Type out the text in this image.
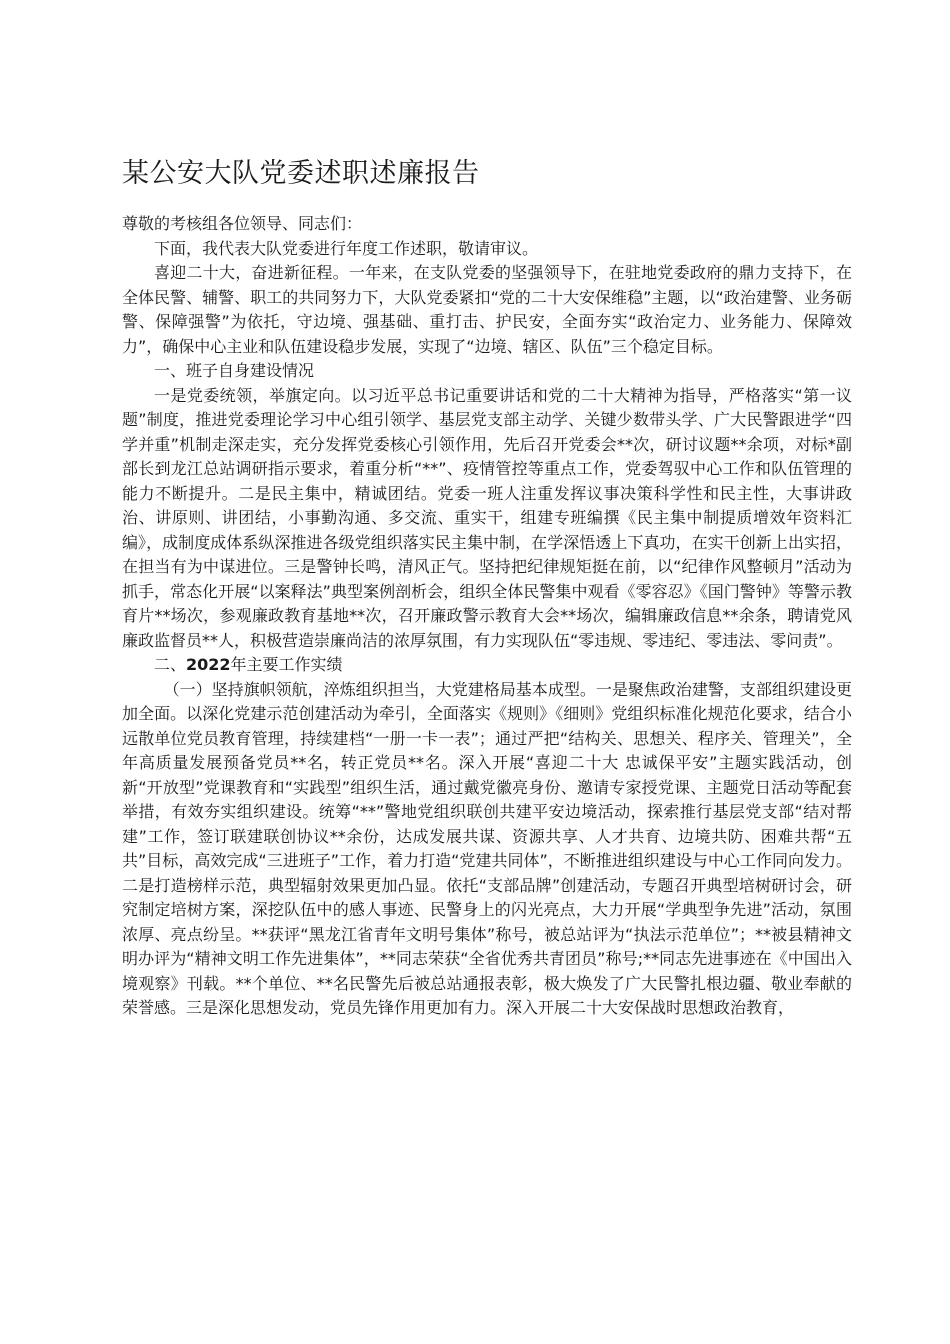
某公安大队党委述职述廉报告

尊敬的考核组各位领导、同志们：

下面，我代表大队党委进行年度工作述职，敬请审议。

喜迎二十大，奋进新征程。一年来，在支队党委的坚强领导下，在驻地党委政府的鼎力支持下，在全体民警、辅警、职工的共同努力下，大队党委紧扣“党的二十大安保维稳”主题，以“政治建警、业务砺警、保障强警”为依托，守边境、强基础、重打击、护民安，全面夯实“政治定力、业务能力、保障效力”，确保中心主业和队伍建设稳步发展，实现了“边境、辖区、队伍”三个稳定目标。

一、班子自身建设情况

一是党委统领，举旗定向。以习近平总书记重要讲话和党的二十大精神为指导，严格落实“第一议题”制度，推进党委理论学习中心组引领学、基层党支部主动学、关键少数带头学、广大民警跟进学“四学并重”机制走深走实，充分发挥党委核心引领作用，先后召开党委会**次，研讨议题**余项，对标*副部长到龙江总站调研指示要求，着重分析“**”、疫情管控等重点工作，党委驾驭中心工作和队伍管理的能力不断提升。二是民主集中，精诚团结。党委一班人注重发挥议事决策科学性和民主性，大事讲政治、讲原则、讲团结，小事勤沟通、多交流、重实干，组建专班编撰《民主集中制提质增效年资料汇编》，成制度成体系纵深推进各级党组织落实民主集中制，在学深悟透上下真功，在实干创新上出实招，在担当有为中谋进位。三是警钟长鸣，清风正气。坚持把纪律规矩挺在前，以“纪律作风整顿月”活动为抓手，常态化开展“以案释法”典型案例剖析会，组织全体民警集中观看《零容忍》《国门警钟》等警示教育片**场次，参观廉政教育基地**次，召开廉政警示教育大会**场次，编辑廉政信息**余条，聘请党风廉政监督员**人，积极营造崇廉尚洁的浓厚氛围，有力实现队伍“零违规、零违纪、零违法、零问责”。

二、2022年主要工作实绩

（一）坚持旗帜领航，淬炼组织担当，大党建格局基本成型。一是聚焦政治建警，支部组织建设更加全面。以深化党建示范创建活动为牵引，全面落实《规则》《细则》党组织标准化规范化要求，结合小远散单位党员教育管理，持续建档“一册一卡一表”；通过严把“结构关、思想关、程序关、管理关”，全年高质量发展预备党员**名，转正党员**名。深入开展“喜迎二十大 忠诚保平安”主题实践活动，创新“开放型”党课教育和“实践型”组织生活，通过戴党徽亮身份、邀请专家授党课、主题党日活动等配套举措，有效夯实组织建设。统筹“**”警地党组织联创共建平安边境活动，探索推行基层党支部“结对帮建”工作，签订联建联创协议**余份，达成发展共谋、资源共享、人才共育、边境共防、困难共帮“五共”目标，高效完成“三进班子”工作，着力打造“党建共同体”，不断推进组织建设与中心工作同向发力。二是打造榜样示范，典型辐射效果更加凸显。依托“支部品牌”创建活动，专题召开典型培树研讨会，研究制定培树方案，深挖队伍中的感人事迹、民警身上的闪光亮点，大力开展“学典型争先进”活动，氛围浓厚、亮点纷呈。**获评“黑龙江省青年文明号集体”称号，被总站评为“执法示范单位”；**被县精神文明办评为“精神文明工作先进集体”，**同志荣获“全省优秀共青团员”称号;**同志先进事迹在《中国出入境观察》刊载。**个单位、**名民警先后被总站通报表彰，极大焕发了广大民警扎根边疆、敬业奉献的荣誉感。三是深化思想发动，党员先锋作用更加有力。深入开展二十大安保战时思想政治教育，
